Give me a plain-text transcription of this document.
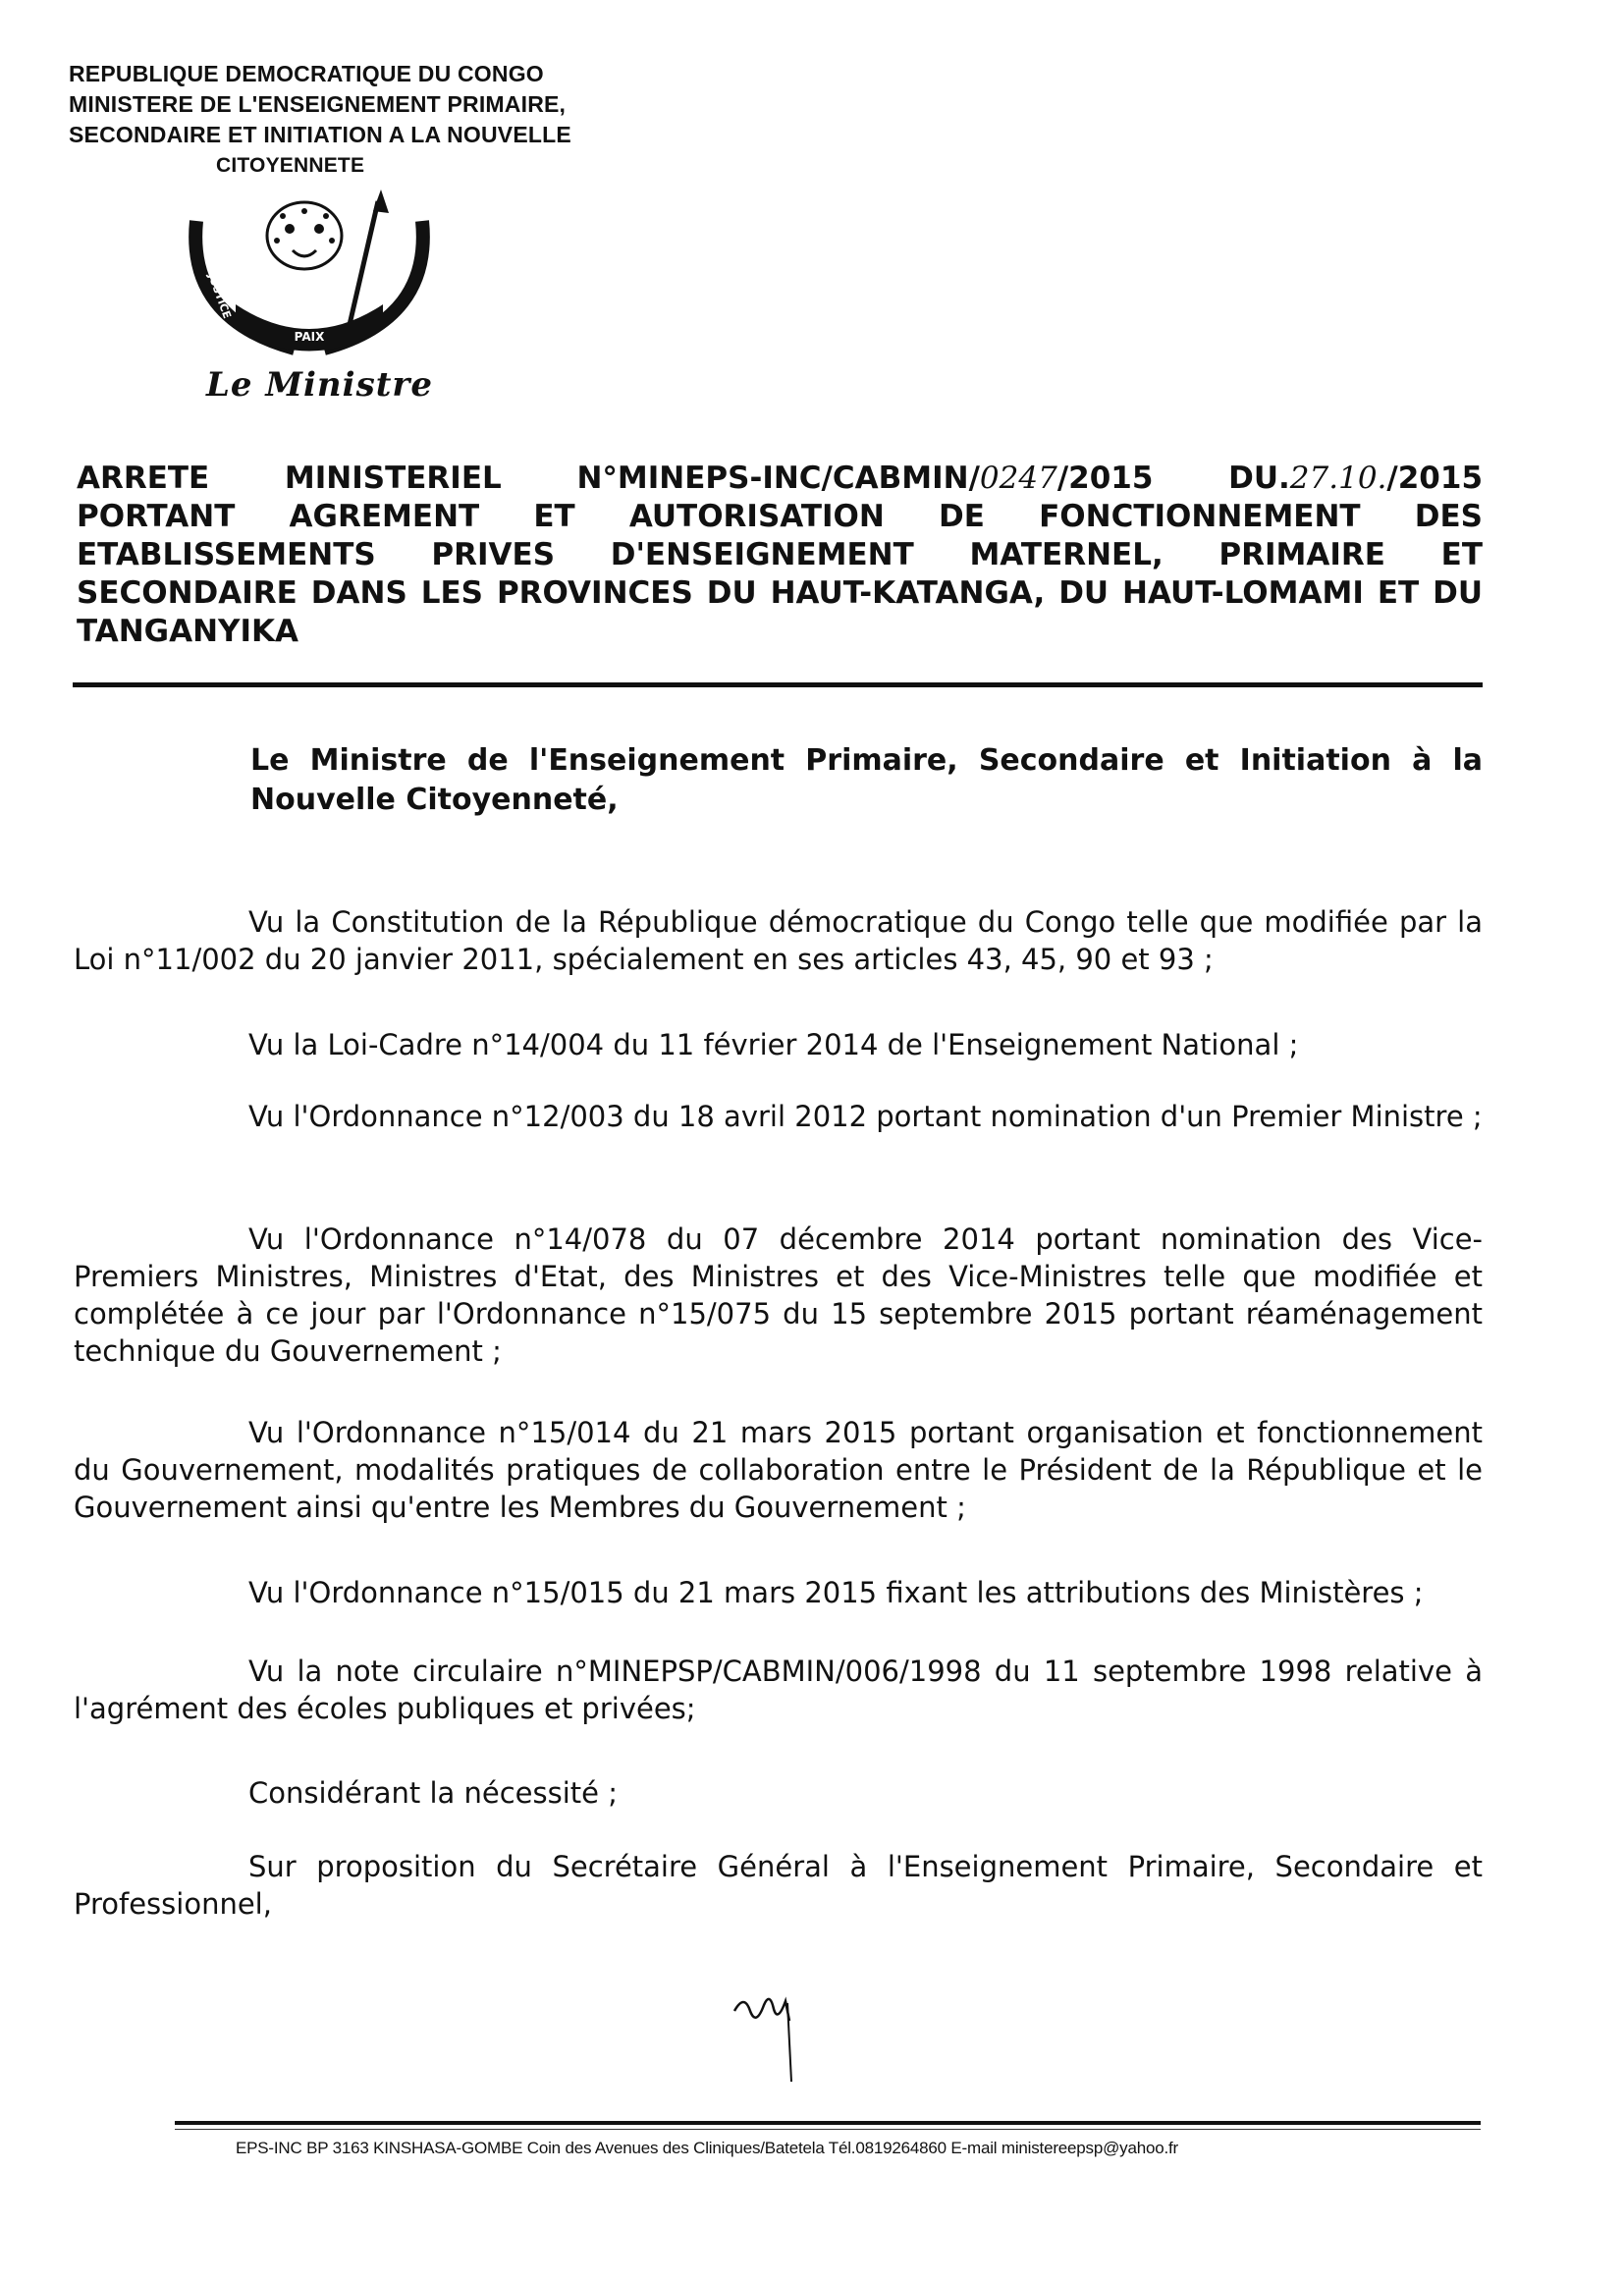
REPUBLIQUE DEMOCRATIQUE DU CONGO
MINISTERE DE L'ENSEIGNEMENT PRIMAIRE,
SECONDAIRE ET INITIATION A LA NOUVELLE
CITOYENNETE
JUSTICE
PAIX
TRAVAIL
Le Ministre
ARRETE MINISTERIEL N°MINEPS-INC/CABMIN/0247/2015 DU.27.10./2015
PORTANT AGREMENT ET AUTORISATION DE FONCTIONNEMENT DES
ETABLISSEMENTS PRIVES D'ENSEIGNEMENT MATERNEL, PRIMAIRE ET
SECONDAIRE DANS LES PROVINCES DU HAUT-KATANGA, DU HAUT-LOMAMI ET DU
TANGANYIKA
Le Ministre de l'Enseignement Primaire, Secondaire et Initiation à la Nouvelle Citoyenneté,

Vu la Constitution de la République démocratique du Congo telle que modifiée par la Loi n°11/002 du 20 janvier 2011, spécialement en ses articles 43, 45, 90 et 93 ;

Vu la Loi-Cadre n°14/004 du 11 février 2014 de l'Enseignement National ;

Vu l'Ordonnance n°12/003 du 18 avril 2012 portant nomination d'un Premier Ministre ;

Vu l'Ordonnance n°14/078 du 07 décembre 2014 portant nomination des Vice-Premiers Ministres, Ministres d'Etat, des Ministres et des Vice-Ministres telle que modifiée et complétée à ce jour par l'Ordonnance n°15/075 du 15 septembre 2015 portant réaménagement technique du Gouvernement ;

Vu l'Ordonnance n°15/014 du 21 mars 2015 portant organisation et fonctionnement du Gouvernement, modalités pratiques de collaboration entre le Président de la République et le Gouvernement ainsi qu'entre les Membres du Gouvernement ;

Vu l'Ordonnance n°15/015 du 21 mars 2015 fixant les attributions des Ministères ;

Vu la note circulaire n°MINEPSP/CABMIN/006/1998 du 11 septembre 1998 relative à l'agrément des écoles publiques et privées;

Considérant la nécessité ;

Sur proposition du Secrétaire Général à l'Enseignement Primaire, Secondaire et Professionnel,

EPS-INC BP 3163 KINSHASA-GOMBE Coin des Avenues des Cliniques/Batetela Tél.0819264860 E-mail ministereepsp@yahoo.fr
